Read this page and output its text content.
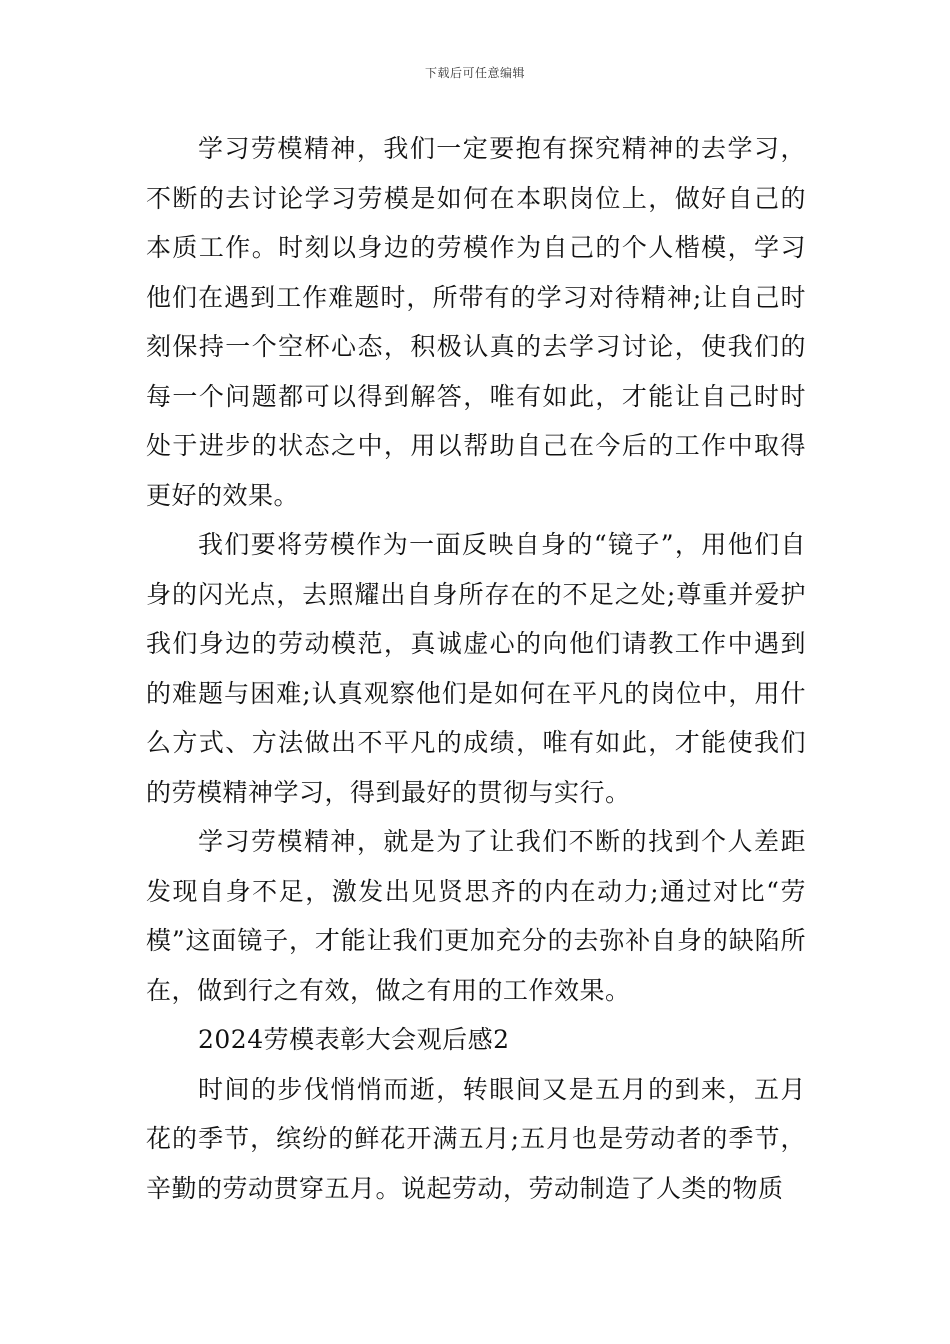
下载后可任意编辑

学习劳模精神，我们一定要抱有探究精神的去学习，不断的去讨论学习劳模是如何在本职岗位上，做好自己的本质工作。时刻以身边的劳模作为自己的个人楷模，学习他们在遇到工作难题时，所带有的学习对待精神;让自己时刻保持一个空杯心态，积极认真的去学习讨论，使我们的每一个问题都可以得到解答，唯有如此，才能让自己时时处于进步的状态之中，用以帮助自己在今后的工作中取得更好的效果。

我们要将劳模作为一面反映自身的“镜子”，用他们自身的闪光点，去照耀出自身所存在的不足之处;尊重并爱护我们身边的劳动模范，真诚虚心的向他们请教工作中遇到的难题与困难;认真观察他们是如何在平凡的岗位中，用什么方式、方法做出不平凡的成绩，唯有如此，才能使我们的劳模精神学习，得到最好的贯彻与实行。

学习劳模精神，就是为了让我们不断的找到个人差距发现自身不足，激发出见贤思齐的内在动力;通过对比“劳模”这面镜子，才能让我们更加充分的去弥补自身的缺陷所在，做到行之有效，做之有用的工作效果。

2024劳模表彰大会观后感2

时间的步伐悄悄而逝，转眼间又是五月的到来，五月花的季节，缤纷的鲜花开满五月;五月也是劳动者的季节，辛勤的劳动贯穿五月。说起劳动，劳动制造了人类的物质
